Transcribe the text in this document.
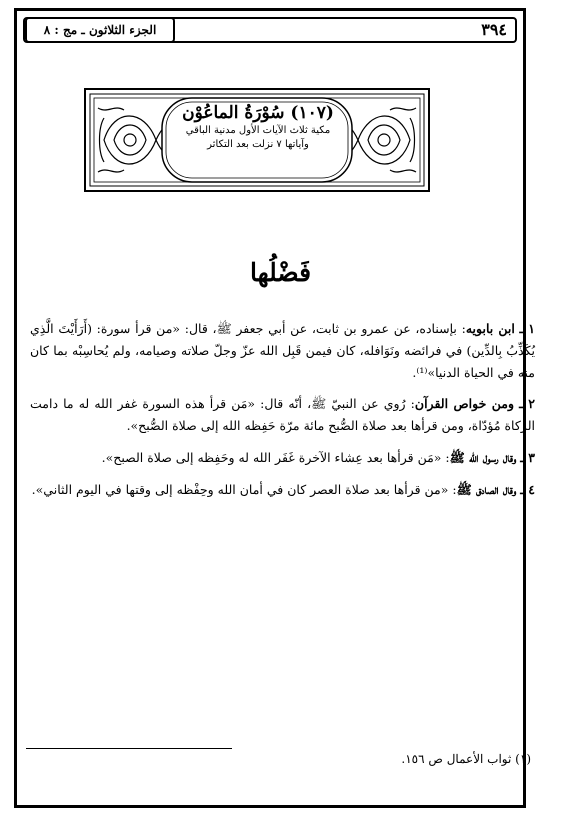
٣٩٤
الجزء الثلاثون ـ مج : ٨
(١٠٧) سُوْرَةُ الماعُوْن
مكية ثلاث الآيات الأول مدنية الباقي
وآياتها ٧ نزلت بعد التكاثر
فَضْلُها

١ ـ ابن بابويه: بإسناده، عن عمرو بن ثابت، عن أبي جعفر ﷺ، قال: «من قرأ سورة: (أَرَأَيْتَ الَّذِي يُكَذِّبُ بِالدِّين) في فرائضه ونَوَافله، كان فيمن قَبِل الله عزّ وجلّ صلاته وصيامه، ولم يُحاسِبْه بما كان منه في الحياة الدنيا»⁽¹⁾.

٢ ـ ومن خواص القرآن: رُوي عن النبيّ ﷺ، أنّه قال: «مَن قرأ هذه السورة غفر الله له ما دامت الزكاة مُؤدّاة، ومن قرأها بعد صلاة الصُّبح مائة مرّة حَفِظه الله إلى صلاة الصُّبح».

٣ ـ وقال رسول الله ﷺ: «مَن قرأها بعد عِشاء الآخرة غَفَر الله له وحَفِظه إلى صلاة الصبح».

٤ ـ وقال الصادق ﷺ: «من قرأها بعد صلاة العصر كان في أمان الله وحِفْظه إلى وقتها في اليوم الثاني».

(١) ثواب الأعمال ص ١٥٦.
